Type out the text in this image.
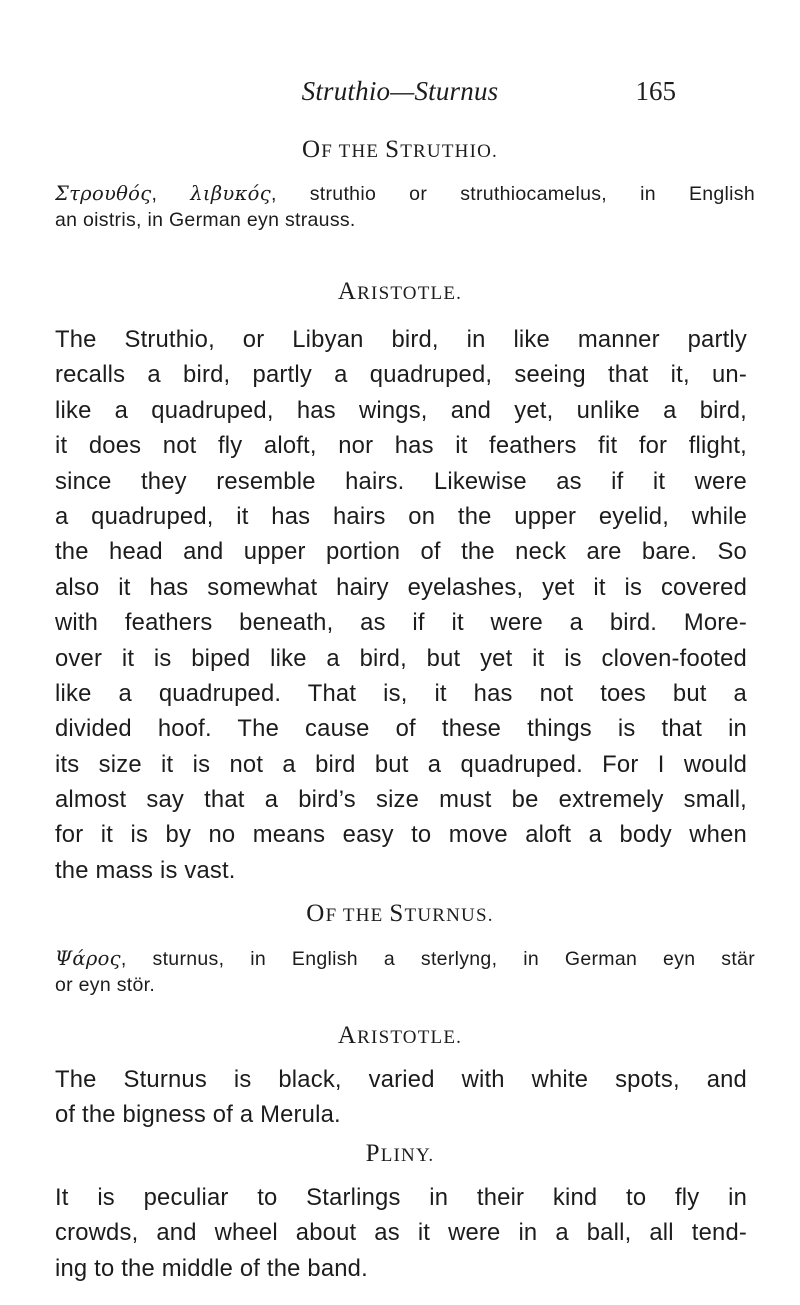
Struthio—Sturnus	165
OF THE STRUTHIO.
Στρουθός, λιβυκός, struthio or struthiocamelus, in English
an oistris, in German eyn strauss.
ARISTOTLE.
The Struthio, or Libyan bird, in like manner partly
recalls a bird, partly a quadruped, seeing that it, un-
like a quadruped, has wings, and yet, unlike a bird,
it does not fly aloft, nor has it feathers fit for flight,
since they resemble hairs. Likewise as if it were
a quadruped, it has hairs on the upper eyelid, while
the head and upper portion of the neck are bare. So
also it has somewhat hairy eyelashes, yet it is covered
with feathers beneath, as if it were a bird. More-
over it is biped like a bird, but yet it is cloven-footed
like a quadruped. That is, it has not toes but a
divided hoof. The cause of these things is that in
its size it is not a bird but a quadruped. For I would
almost say that a bird’s size must be extremely small,
for it is by no means easy to move aloft a body when
the mass is vast.
OF THE STURNUS.
Ψάρος, sturnus, in English a sterlyng, in German eyn stär
or eyn stör.
ARISTOTLE.
The Sturnus is black, varied with white spots, and
of the bigness of a Merula.
PLINY.
It is peculiar to Starlings in their kind to fly in
crowds, and wheel about as it were in a ball, all tend-
ing to the middle of the band.
